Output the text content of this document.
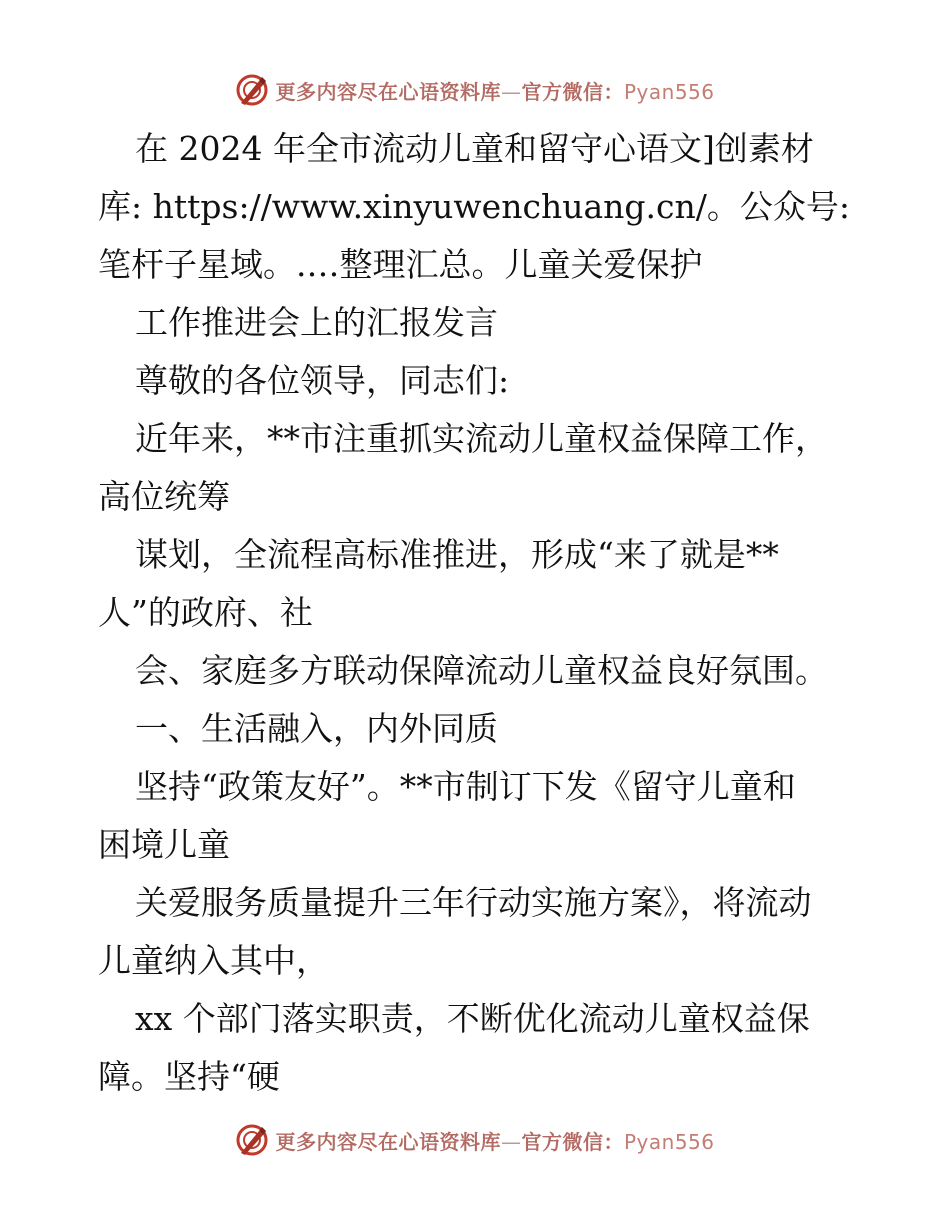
更多内容尽在心语资料库—官方微信：Pyan556
在 2024 年全市流动儿童和留守心语文]创素材
库: https://www.xinyuwenchuang.cn/。公众号:
笔杆子星域。.…整理汇总。儿童关爱保护
工作推进会上的汇报发言
尊敬的各位领导，同志们:
近年来，**市注重抓实流动儿童权益保障工作，
高位统筹
谋划，全流程高标准推进，形成“来了就是**
人”的政府、社
会、家庭多方联动保障流动儿童权益良好氛围。
一、生活融入，内外同质
坚持“政策友好”。**市制订下发《留守儿童和
困境儿童
关爱服务质量提升三年行动实施方案》，将流动
儿童纳入其中，
xx 个部门落实职责，不断优化流动儿童权益保
障。坚持“硬
更多内容尽在心语资料库—官方微信：Pyan556
